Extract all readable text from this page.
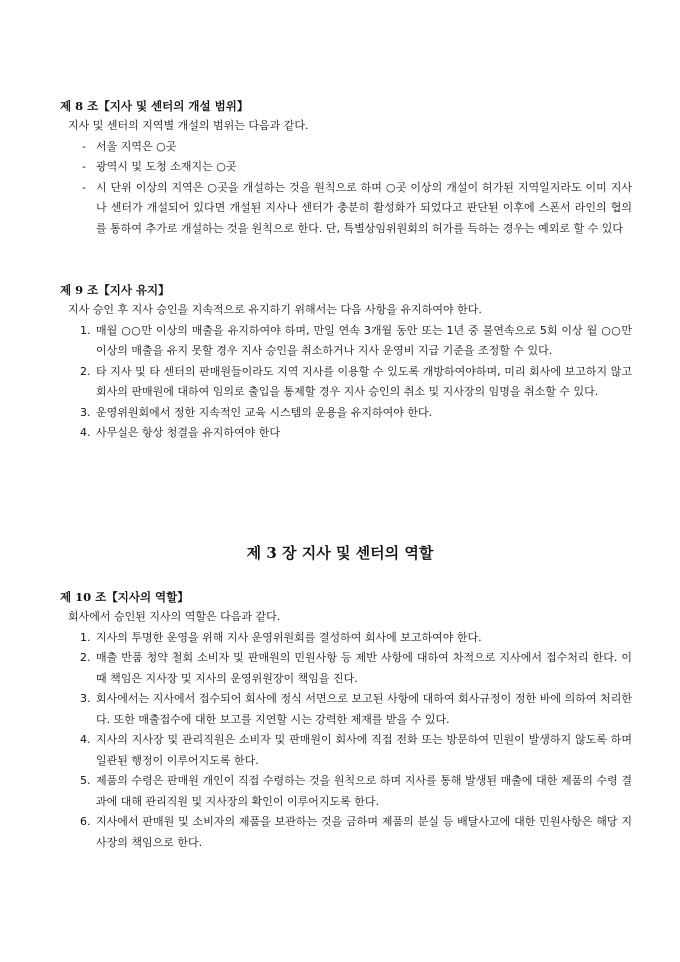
제 8 조【지사 및 센터의 개설 범위】

지사 및 센터의 지역별 개설의 범위는 다음과 같다.

- 서울 지역은 ○곳
- 광역시 및 도청 소재지는 ○곳
- 시 단위 이상의 지역은 ○곳을 개설하는 것을 원칙으로 하며 ○곳 이상의 개설이 허가된 지역일지라도 이미 지사나 센터가 개설되어 있다면 개설된 지사나 센터가 충분히 활성화가 되었다고 판단된 이후에 스폰서 라인의 협의를 통하여 추가로 개설하는 것을 원칙으로 한다. 단, 특별상임위원회의 허가를 득하는 경우는 예외로 할 수 있다
제 9 조【지사 유지】

지사 승인 후 지사 승인을 지속적으로 유지하기 위해서는 다음 사항을 유지하여야 한다.

1. 매월 ○○만 이상의 매출을 유지하여야 하며, 만일 연속 3개월 동안 또는 1년 중 불연속으로 5회 이상 월 ○○만 이상의 매출을 유지 못할 경우 지사 승인을 취소하거나 지사 운영비 지급 기준을 조정할 수 있다.
2. 타 지사 및 타 센터의 판매원들이라도 지역 지사를 이용할 수 있도록 개방하여야하며, 미리 회사에 보고하지 않고 회사의 판매원에 대하여 임의로 출입을 통제할 경우 지사 승인의 취소 및 지사장의 임명을 취소할 수 있다.
3. 운영위원회에서 정한 지속적인 교육 시스템의 운용을 유지하여야 한다.
4. 사무실은 항상 청결을 유지하여야 한다
제 3 장 지사 및 센터의 역할
제 10 조【지사의 역할】

회사에서 승인된 지사의 역할은 다음과 같다.

1. 지사의 투명한 운영을 위해 지사 운영위원회를 결성하여 회사에 보고하여야 한다.
2. 매출 반품 청약 철회 소비자 및 판매원의 민원사항 등 제반 사항에 대하여 차적으로 지사에서 접수처리 한다. 이 때 책임은 지사장 및 지사의 운영위원장이 책임을 진다.
3. 회사에서는 지사에서 접수되어 회사에 정식 서면으로 보고된 사항에 대하여 회사규정이 정한 바에 의하여 처리한다. 또한 매출접수에 대한 보고를 지연할 시는 강력한 제재를 받을 수 있다.
4. 지사의 지사장 및 관리직원은 소비자 및 판매원이 회사에 직접 전화 또는 방문하여 민원이 발생하지 않도록 하며 일관된 행정이 이루어지도록 한다.
5. 제품의 수령은 판매원 개인이 직접 수령하는 것을 원칙으로 하며 지사를 통해 발생된 매출에 대한 제품의 수령 결과에 대해 관리직원 및 지사장의 확인이 이루어지도록 한다.
6. 지사에서 판매원 및 소비자의 제품을 보관하는 것을 금하며 제품의 분실 등 배달사고에 대한 민원사항은 해당 지사장의 책임으로 한다.
